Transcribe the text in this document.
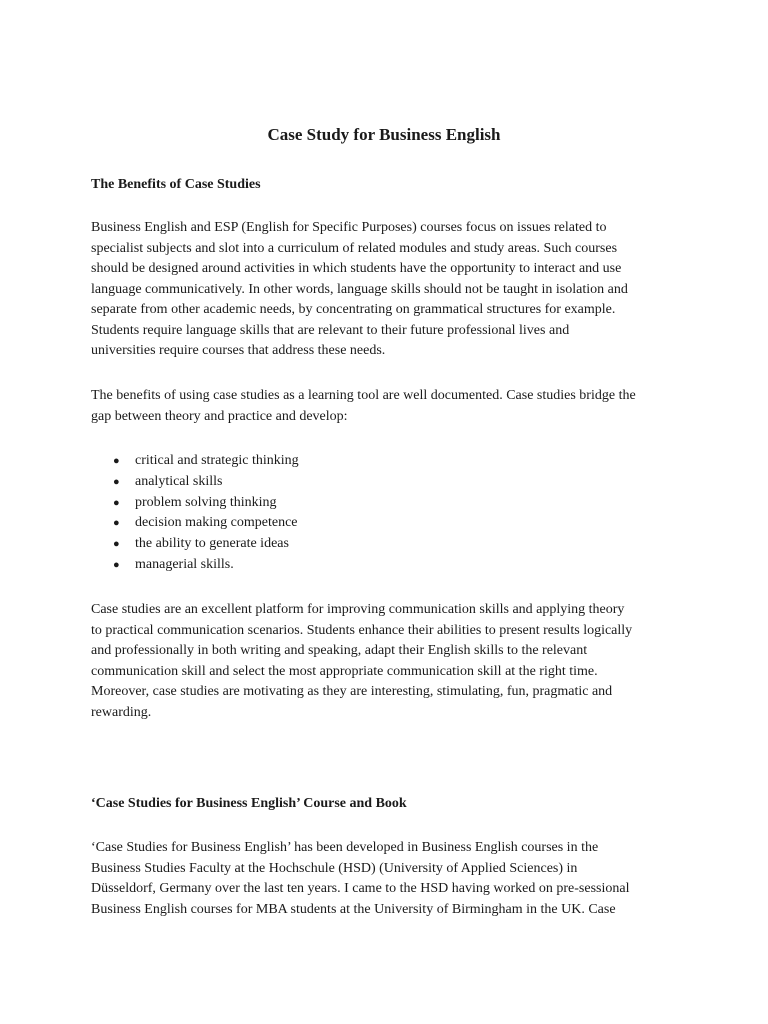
Case Study for Business English
The Benefits of Case Studies
Business English and ESP (English for Specific Purposes) courses focus on issues related to
specialist subjects and slot into a curriculum of related modules and study areas. Such courses
should be designed around activities in which students have the opportunity to interact and use
language communicatively. In other words, language skills should not be taught in isolation and
separate from other academic needs, by concentrating on grammatical structures for example.
Students require language skills that are relevant to their future professional lives and
universities require courses that address these needs.
The benefits of using case studies as a learning tool are well documented. Case studies bridge the
gap between theory and practice and develop:
● critical and strategic thinking
● analytical skills
● problem solving thinking
● decision making competence
● the ability to generate ideas
● managerial skills.
Case studies are an excellent platform for improving communication skills and applying theory
to practical communication scenarios. Students enhance their abilities to present results logically
and professionally in both writing and speaking, adapt their English skills to the relevant
communication skill and select the most appropriate communication skill at the right time.
Moreover, case studies are motivating as they are interesting, stimulating, fun, pragmatic and
rewarding.
‘Case Studies for Business English’ Course and Book
‘Case Studies for Business English’ has been developed in Business English courses in the
Business Studies Faculty at the Hochschule (HSD) (University of Applied Sciences) in
Düsseldorf, Germany over the last ten years. I came to the HSD having worked on pre-sessional
Business English courses for MBA students at the University of Birmingham in the UK. Case
